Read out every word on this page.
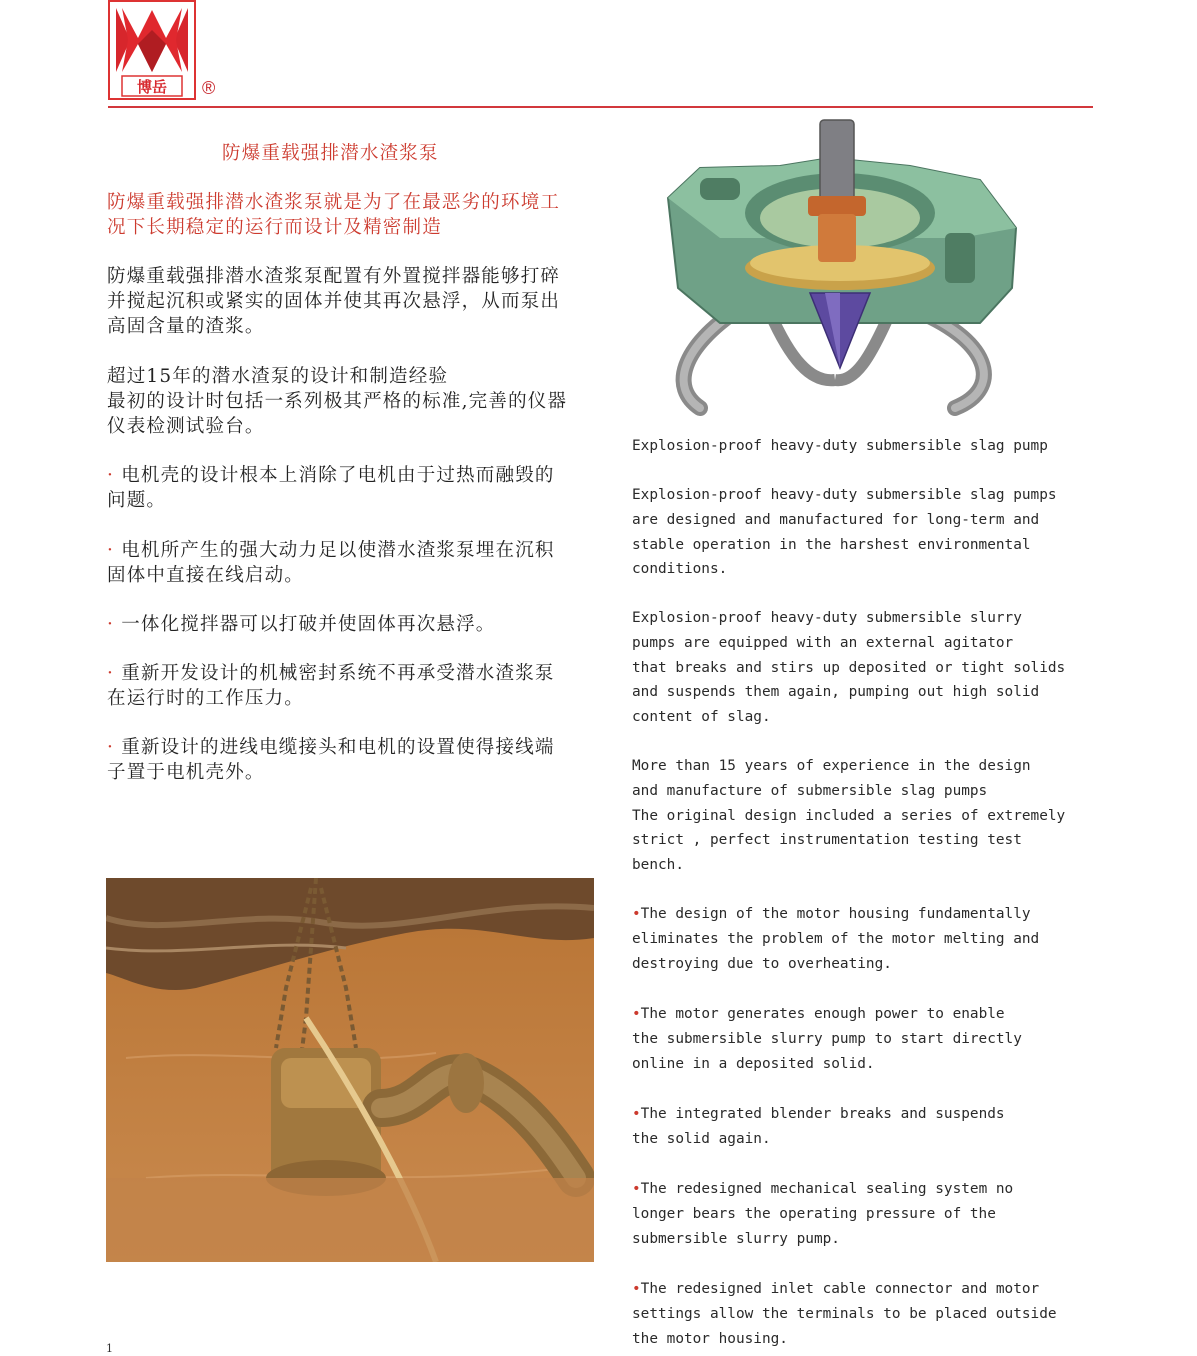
博岳 ®
防爆重载强排潜水渣浆泵

防爆重载强排潜水渣浆泵就是为了在最恶劣的环境工

况下长期稳定的运行而设计及精密制造

防爆重载强排潜水渣浆泵配置有外置搅拌器能够打碎

并搅起沉积或紧实的固体并使其再次悬浮，从而泵出

高固含量的渣浆。

超过15年的潜水渣泵的设计和制造经验

最初的设计时包括一系列极其严格的标准,完善的仪器

仪表检测试验台。

· 电机壳的设计根本上消除了电机由于过热而融毁的

问题。

· 电机所产生的强大动力足以使潜水渣浆泵埋在沉积

固体中直接在线启动。

· 一体化搅拌器可以打破并使固体再次悬浮。

· 重新开发设计的机械密封系统不再承受潜水渣浆泵

在运行时的工作压力。

· 重新设计的进线电缆接头和电机的设置使得接线端

子置于电机壳外。

Explosion-proof heavy-duty submersible slag pump

Explosion-proof heavy-duty submersible slag pumps
are designed and manufactured for long-term and
stable operation in the harshest environmental
conditions.

Explosion-proof heavy-duty submersible slurry
pumps are equipped with an external agitator
that breaks and stirs up deposited or tight solids
and suspends them again, pumping out high solid
content of slag.

More than 15 years of experience in the design
and manufacture of submersible slag pumps
The original design included a series of extremely
strict , perfect instrumentation testing test
bench.

•The design of the motor housing fundamentally
eliminates the problem of the motor melting and
destroying due to overheating.

•The motor generates enough power to enable
the submersible slurry pump to start directly
online in a deposited solid.

•The integrated blender breaks and suspends
the solid again.

•The redesigned mechanical sealing system no
longer bears the operating pressure of the
submersible slurry pump.

•The redesigned inlet cable connector and motor
settings allow the terminals to be placed outside
the motor housing.

1
